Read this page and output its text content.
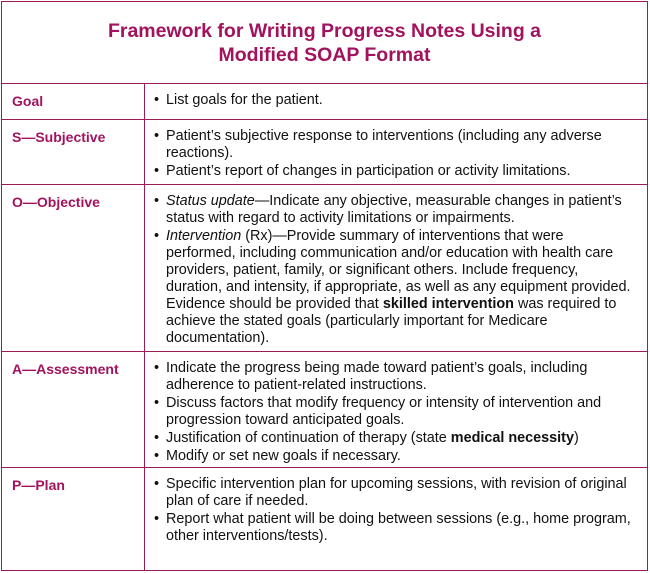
Framework for Writing Progress Notes Using a
Modified SOAP Format
Goal	• List goals for the patient.
S—Subjective	• Patient’s subjective response to interventions (including any adverse reactions).
• Patient’s report of changes in participation or activity limitations.
O—Objective	• Status update—Indicate any objective, measurable changes in patient’s status with regard to activity limitations or impairments.
• Intervention (Rx)—Provide summary of interventions that were performed, including communication and/or education with health care providers, patient, family, or significant others. Include frequency, duration, and intensity, if appropriate, as well as any equipment provided. Evidence should be provided that skilled intervention was required to achieve the stated goals (particularly important for Medicare documentation).
A—Assessment	• Indicate the progress being made toward patient’s goals, including adherence to patient-related instructions.
• Discuss factors that modify frequency or intensity of intervention and progression toward anticipated goals.
• Justification of continuation of therapy (state medical necessity)
• Modify or set new goals if necessary.
P—Plan	• Specific intervention plan for upcoming sessions, with revision of original plan of care if needed.
• Report what patient will be doing between sessions (e.g., home program, other interventions/tests).
